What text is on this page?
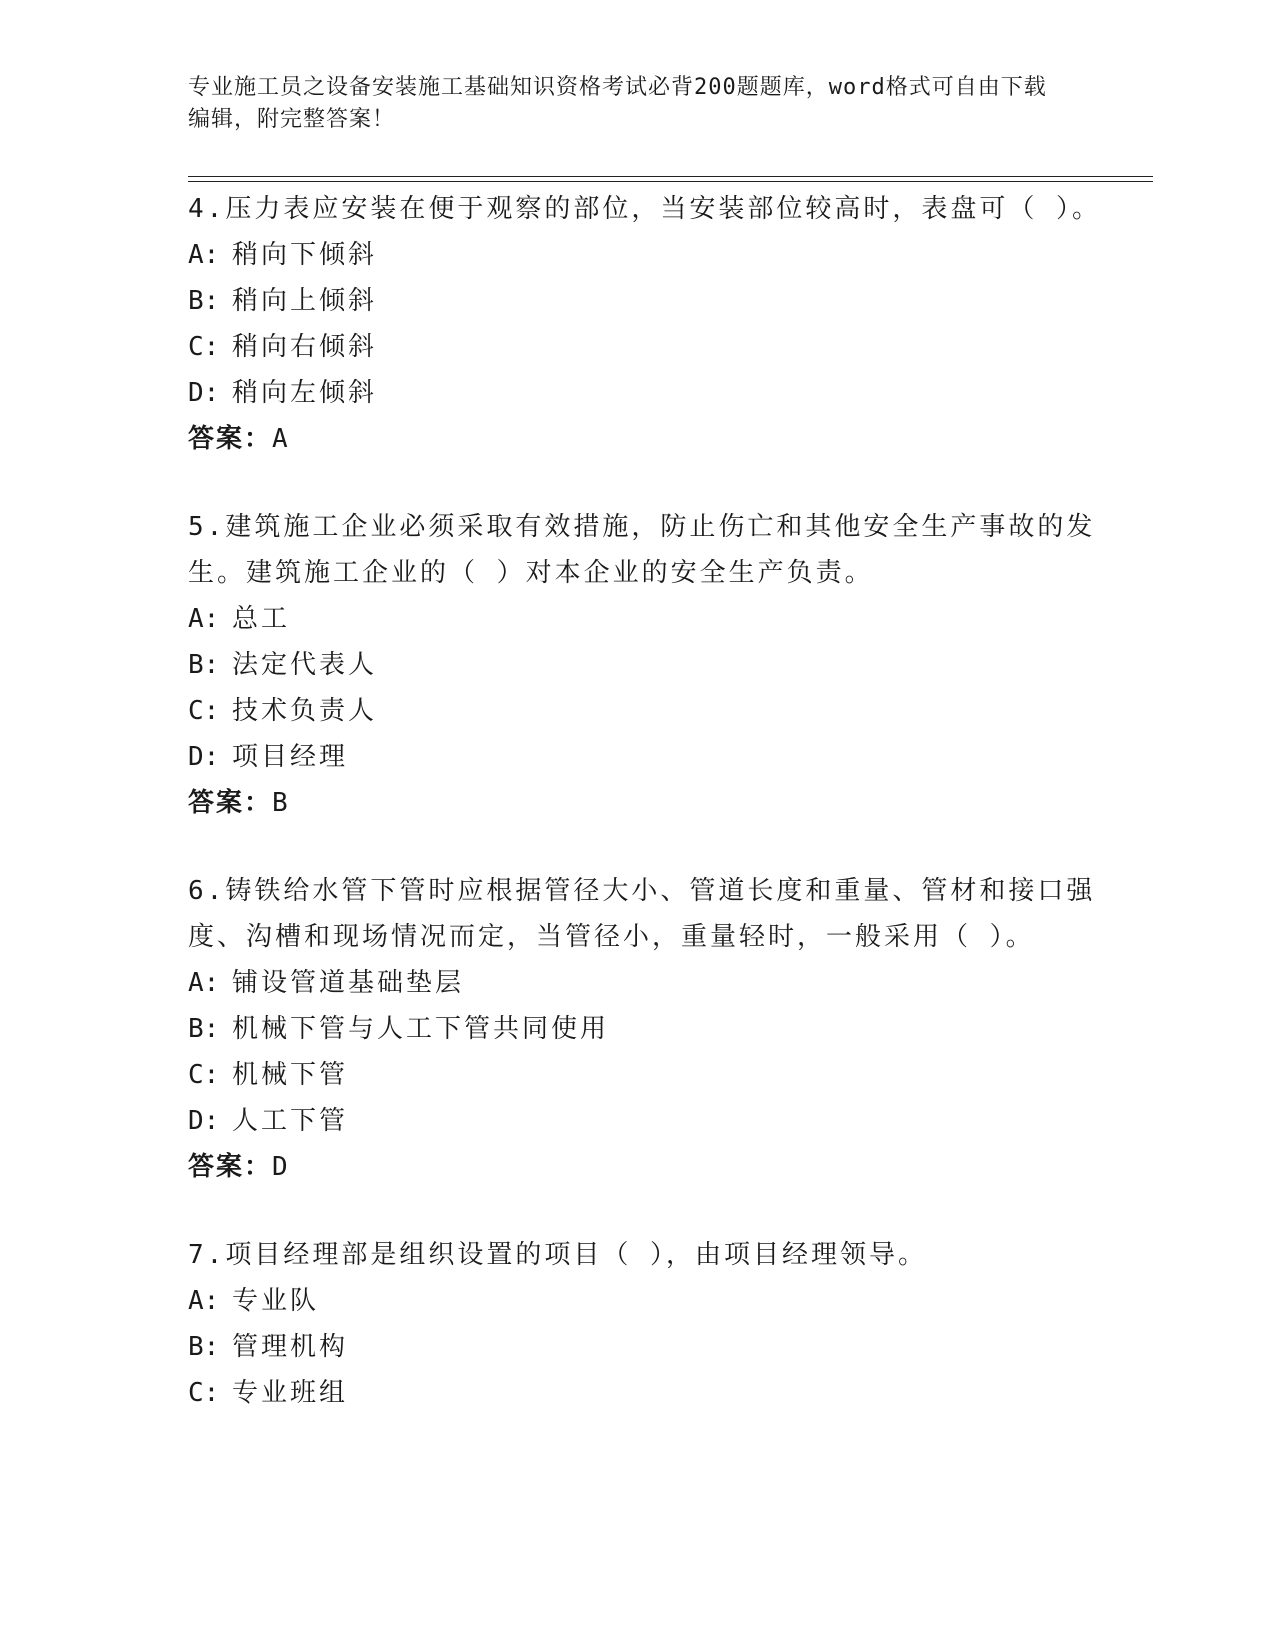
专业施工员之设备安装施工基础知识资格考试必背200题题库，word格式可自由下载编辑，附完整答案！

4.压力表应安装在便于观察的部位，当安装部位较高时，表盘可（ ）。

A: 稍向下倾斜

B: 稍向上倾斜

C: 稍向右倾斜

D: 稍向左倾斜

答案：A

5.建筑施工企业必须采取有效措施，防止伤亡和其他安全生产事故的发生。建筑施工企业的（ ）对本企业的安全生产负责。

A: 总工

B: 法定代表人

C: 技术负责人

D: 项目经理

答案：B

6.铸铁给水管下管时应根据管径大小、管道长度和重量、管材和接口强度、沟槽和现场情况而定，当管径小，重量轻时，一般采用（ ）。

A: 铺设管道基础垫层

B: 机械下管与人工下管共同使用

C: 机械下管

D: 人工下管

答案：D

7.项目经理部是组织设置的项目（ ），由项目经理领导。

A: 专业队

B: 管理机构

C: 专业班组
